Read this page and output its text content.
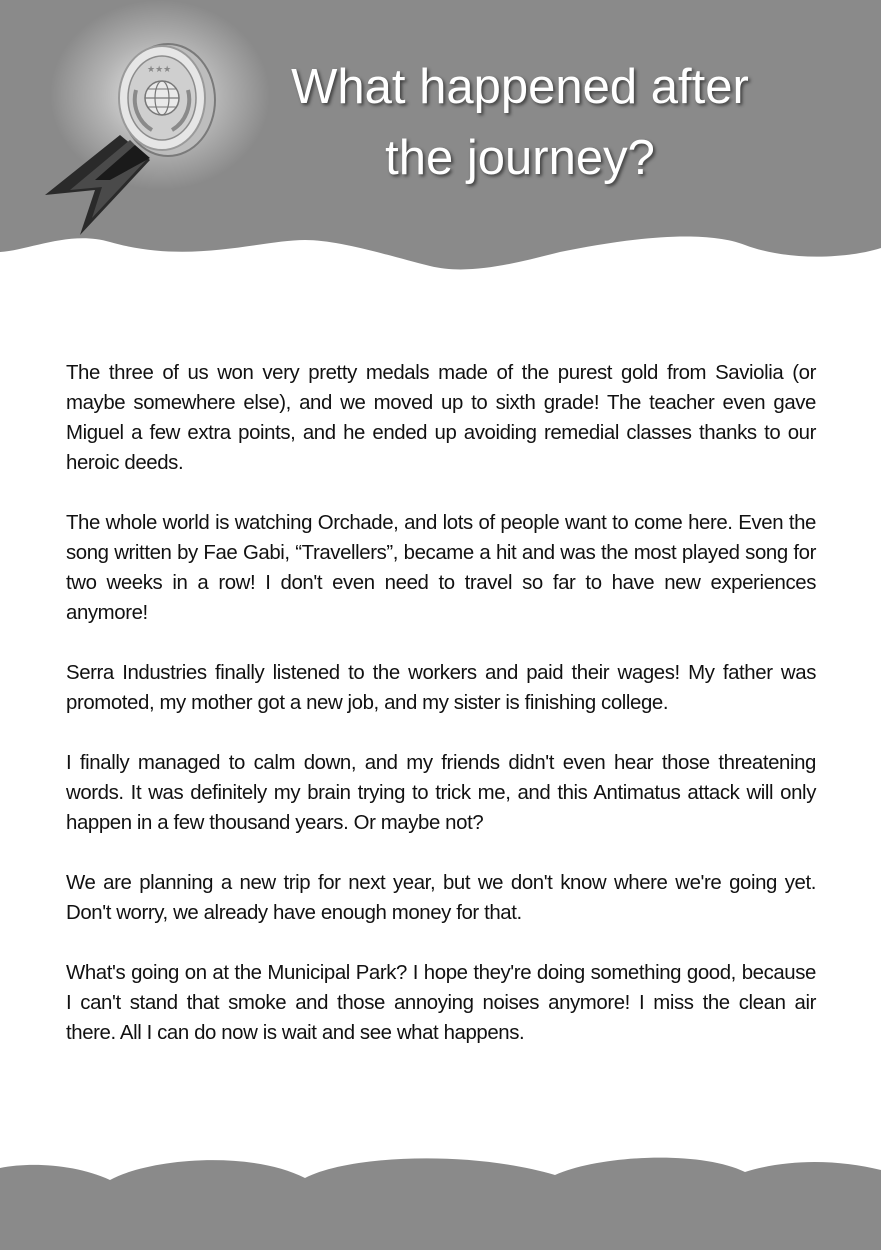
★★★	What happened after
the journey?

The three of us won very pretty medals made of the purest gold from Saviolia (or maybe somewhere else), and we moved up to sixth grade! The teacher even gave Miguel a few extra points, and he ended up avoiding remedial classes thanks to our heroic deeds.

The whole world is watching Orchade, and lots of people want to come here. Even the song written by Fae Gabi, “Travellers”, became a hit and was the most played song for two weeks in a row! I don't even need to travel so far to have new experiences anymore!

Serra Industries finally listened to the workers and paid their wages! My father was promoted, my mother got a new job, and my sister is finishing college.

I finally managed to calm down, and my friends didn't even hear those threatening words. It was definitely my brain trying to trick me, and this Antimatus attack will only happen in a few thousand years. Or maybe not?

We are planning a new trip for next year, but we don't know where we're going yet. Don't worry, we already have enough money for that.

What's going on at the Municipal Park? I hope they're doing something good, because I can't stand that smoke and those annoying noises anymore! I miss the clean air there. All I can do now is wait and see what happens.
